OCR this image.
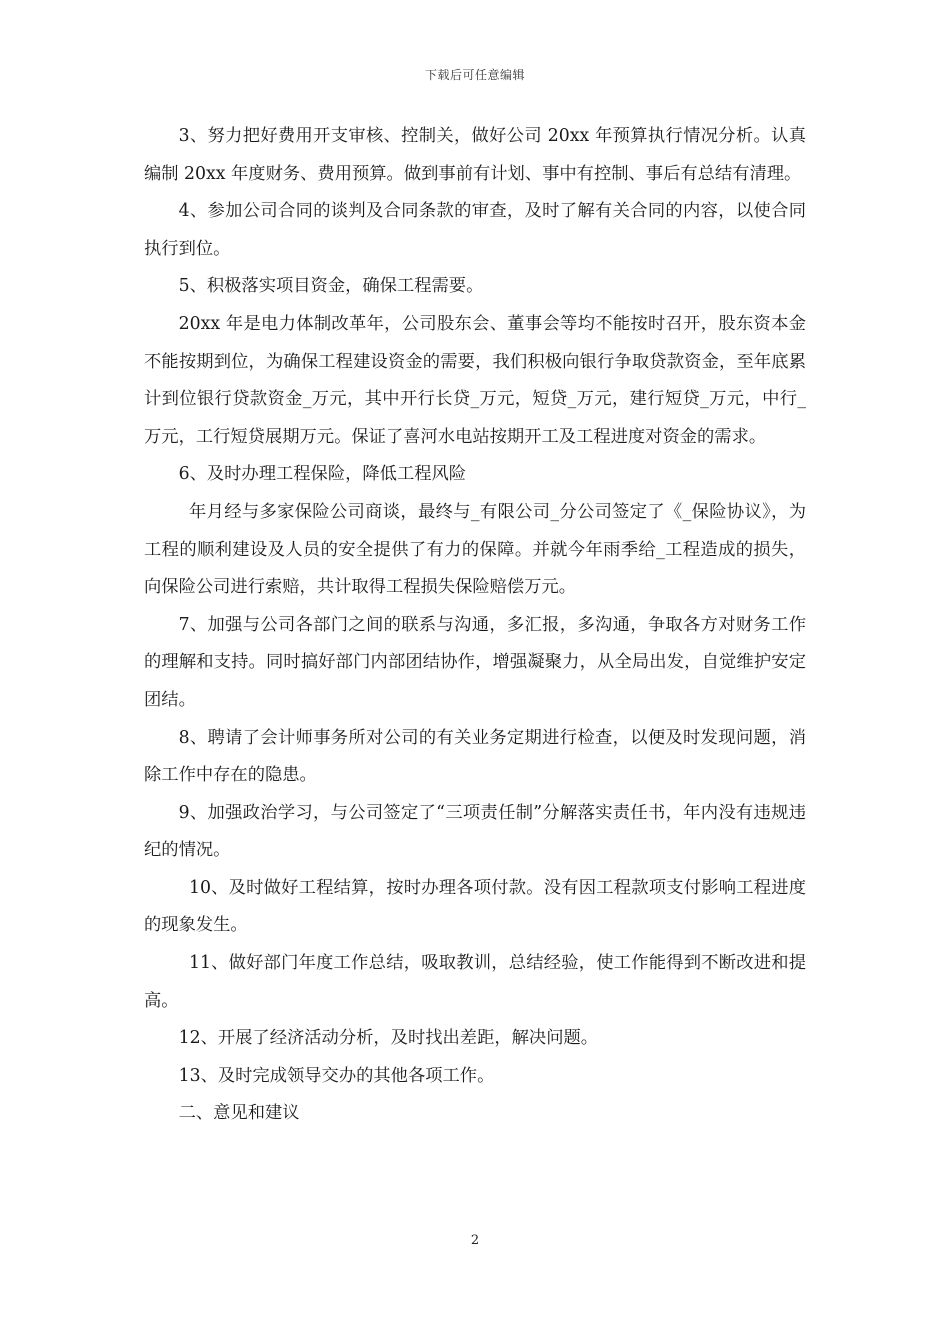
下载后可任意编辑

3、努力把好费用开支审核、控制关，做好公司 20xx 年预算执行情况分析。认真编制 20xx 年度财务、费用预算。做到事前有计划、事中有控制、事后有总结有清理。

4、参加公司合同的谈判及合同条款的审查，及时了解有关合同的内容，以使合同执行到位。

5、积极落实项目资金，确保工程需要。

20xx 年是电力体制改革年，公司股东会、董事会等均不能按时召开，股东资本金不能按期到位，为确保工程建设资金的需要，我们积极向银行争取贷款资金，至年底累计到位银行贷款资金_万元，其中开行长贷_万元，短贷_万元，建行短贷_万元，中行_万元，工行短贷展期万元。保证了喜河水电站按期开工及工程进度对资金的需求。

6、及时办理工程保险，降低工程风险

年月经与多家保险公司商谈，最终与_有限公司_分公司签定了《_保险协议》，为工程的顺利建设及人员的安全提供了有力的保障。并就今年雨季给_工程造成的损失，向保险公司进行索赔，共计取得工程损失保险赔偿万元。

7、加强与公司各部门之间的联系与沟通，多汇报，多沟通，争取各方对财务工作的理解和支持。同时搞好部门内部团结协作，增强凝聚力，从全局出发，自觉维护安定团结。

8、聘请了会计师事务所对公司的有关业务定期进行检查，以便及时发现问题，消除工作中存在的隐患。

9、加强政治学习，与公司签定了“三项责任制”分解落实责任书，年内没有违规违纪的情况。

10、及时做好工程结算，按时办理各项付款。没有因工程款项支付影响工程进度的现象发生。

11、做好部门年度工作总结，吸取教训，总结经验，使工作能得到不断改进和提高。

12、开展了经济活动分析，及时找出差距，解决问题。

13、及时完成领导交办的其他各项工作。

二、意见和建议

2
